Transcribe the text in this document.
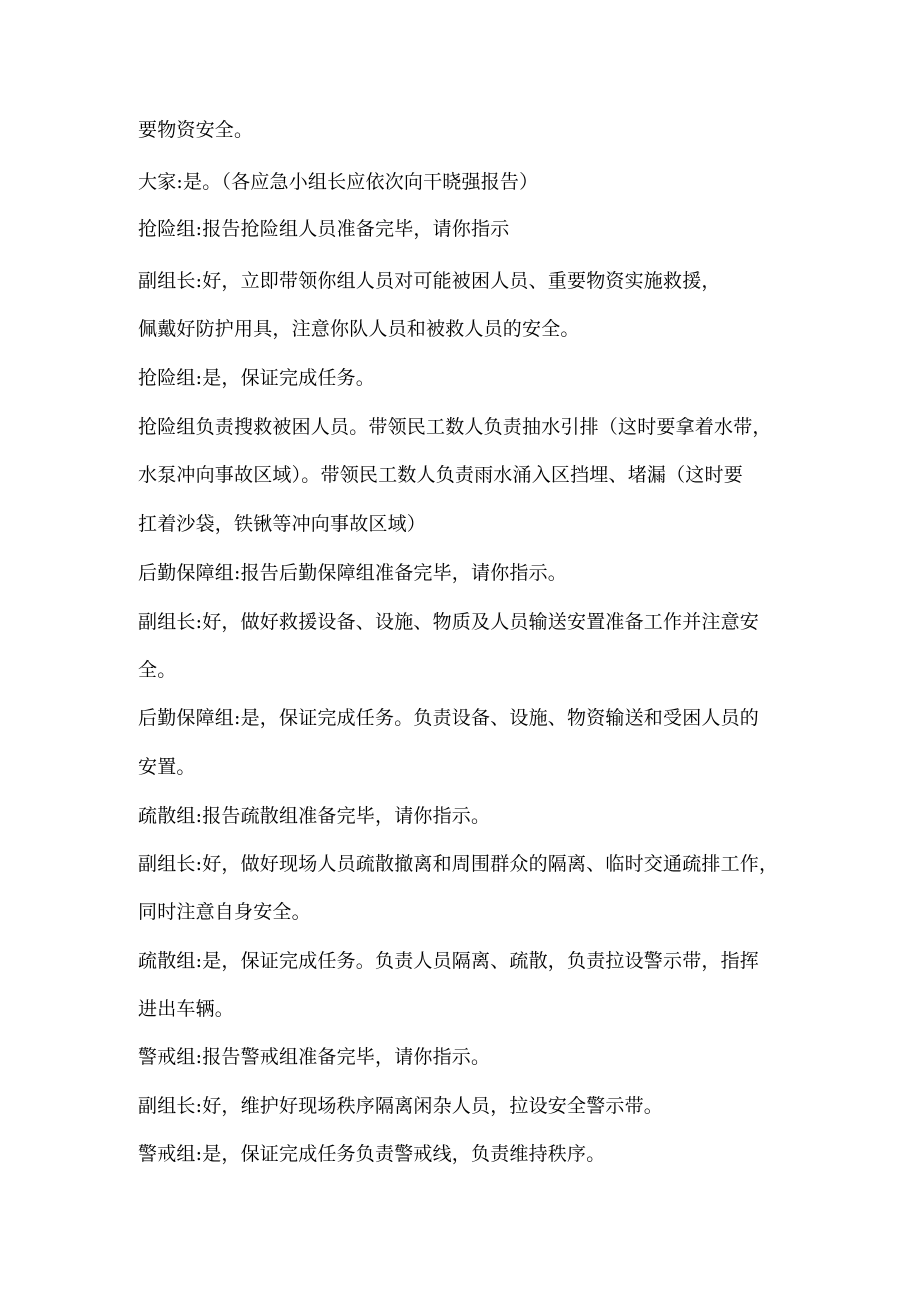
要物资安全。
大家:是。（各应急小组长应依次向干晓强报告）
抢险组:报告抢险组人员准备完毕，请你指示
副组长:好，立即带领你组人员对可能被困人员、重要物资实施救援，
佩戴好防护用具，注意你队人员和被救人员的安全。
抢险组:是，保证完成任务。
抢险组负责搜救被困人员。带领民工数人负责抽水引排（这时要拿着水带，
水泵冲向事故区域）。带领民工数人负责雨水涌入区挡埋、堵漏（这时要
扛着沙袋，铁锹等冲向事故区域）
后勤保障组:报告后勤保障组准备完毕，请你指示。
副组长:好，做好救援设备、设施、物质及人员输送安置准备工作并注意安
全。
后勤保障组:是，保证完成任务。负责设备、设施、物资输送和受困人员的
安置。
疏散组:报告疏散组准备完毕，请你指示。
副组长:好，做好现场人员疏散撤离和周围群众的隔离、临时交通疏排工作，
同时注意自身安全。
疏散组:是，保证完成任务。负责人员隔离、疏散，负责拉设警示带，指挥
进出车辆。
警戒组:报告警戒组准备完毕，请你指示。
副组长:好，维护好现场秩序隔离闲杂人员，拉设安全警示带。
警戒组:是，保证完成任务负责警戒线，负责维持秩序。
